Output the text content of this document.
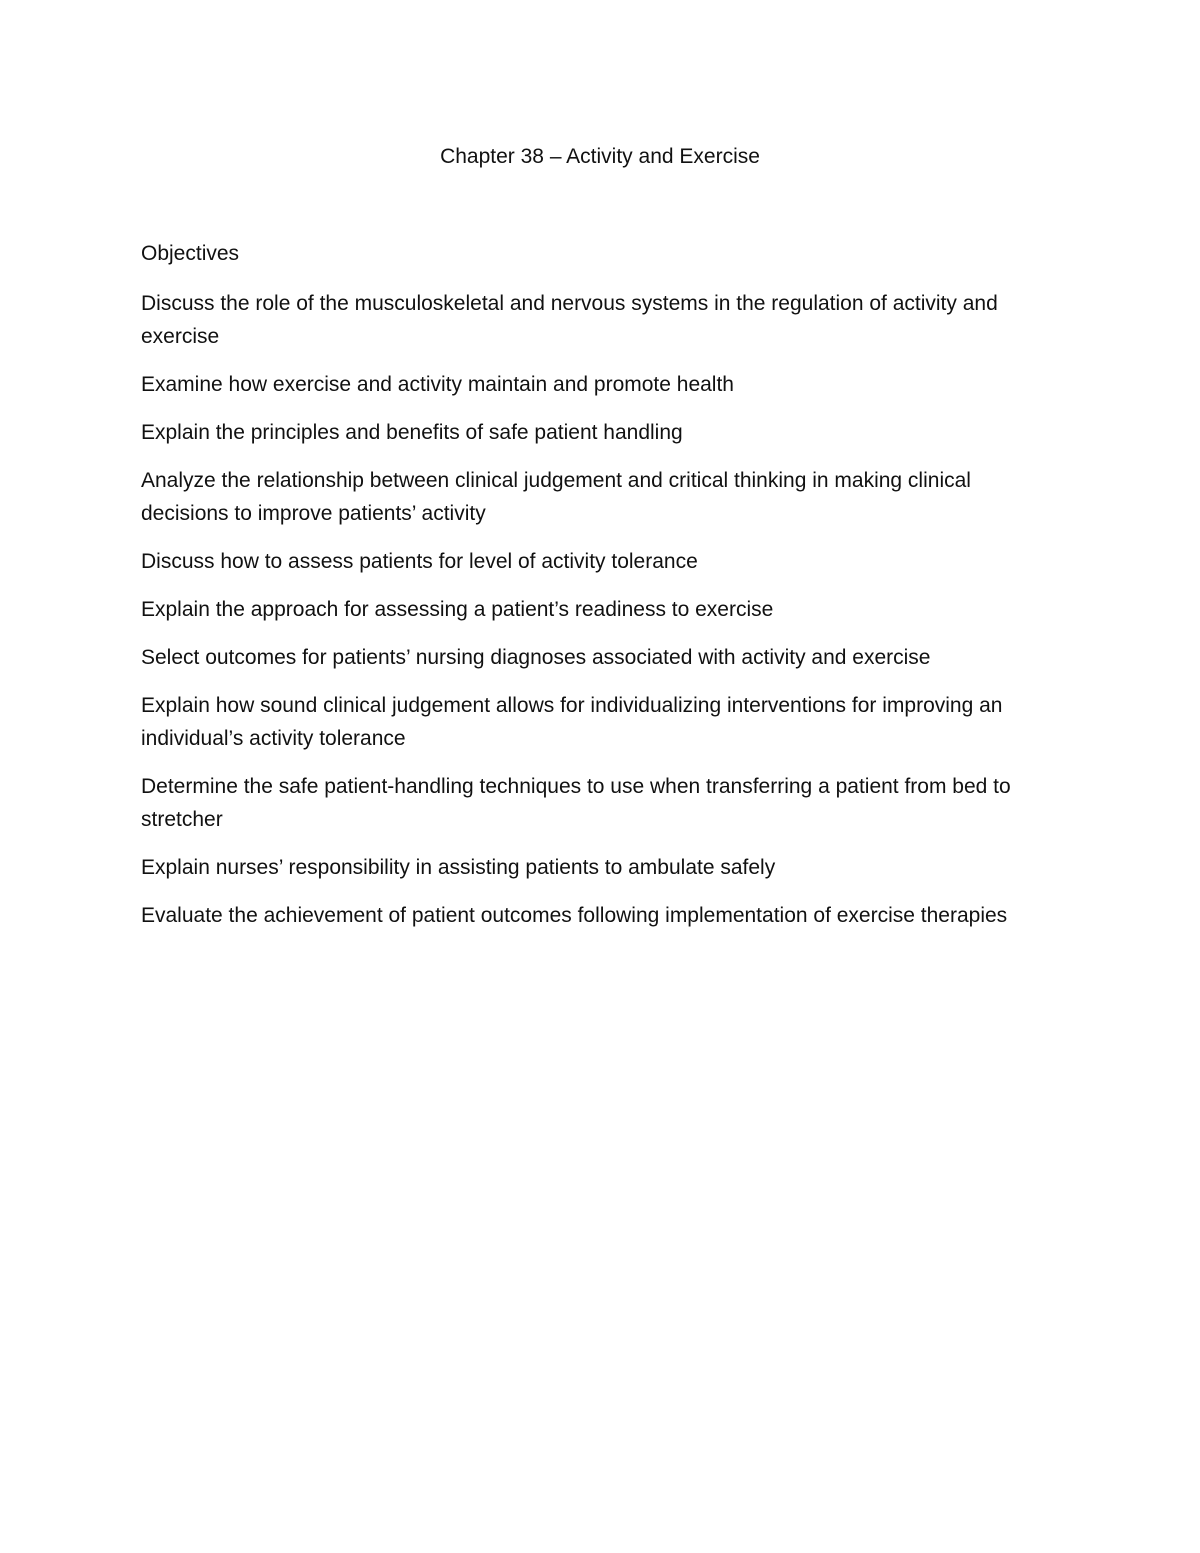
Chapter 38 – Activity and Exercise

Objectives

Discuss the role of the musculoskeletal and nervous systems in the regulation of activity and exercise
Examine how exercise and activity maintain and promote health
Explain the principles and benefits of safe patient handling
Analyze the relationship between clinical judgement and critical thinking in making clinical decisions to improve patients’ activity
Discuss how to assess patients for level of activity tolerance
Explain the approach for assessing a patient’s readiness to exercise
Select outcomes for patients’ nursing diagnoses associated with activity and exercise
Explain how sound clinical judgement allows for individualizing interventions for improving an individual’s activity tolerance
Determine the safe patient-handling techniques to use when transferring a patient from bed to stretcher
Explain nurses’ responsibility in assisting patients to ambulate safely
Evaluate the achievement of patient outcomes following implementation of exercise therapies
